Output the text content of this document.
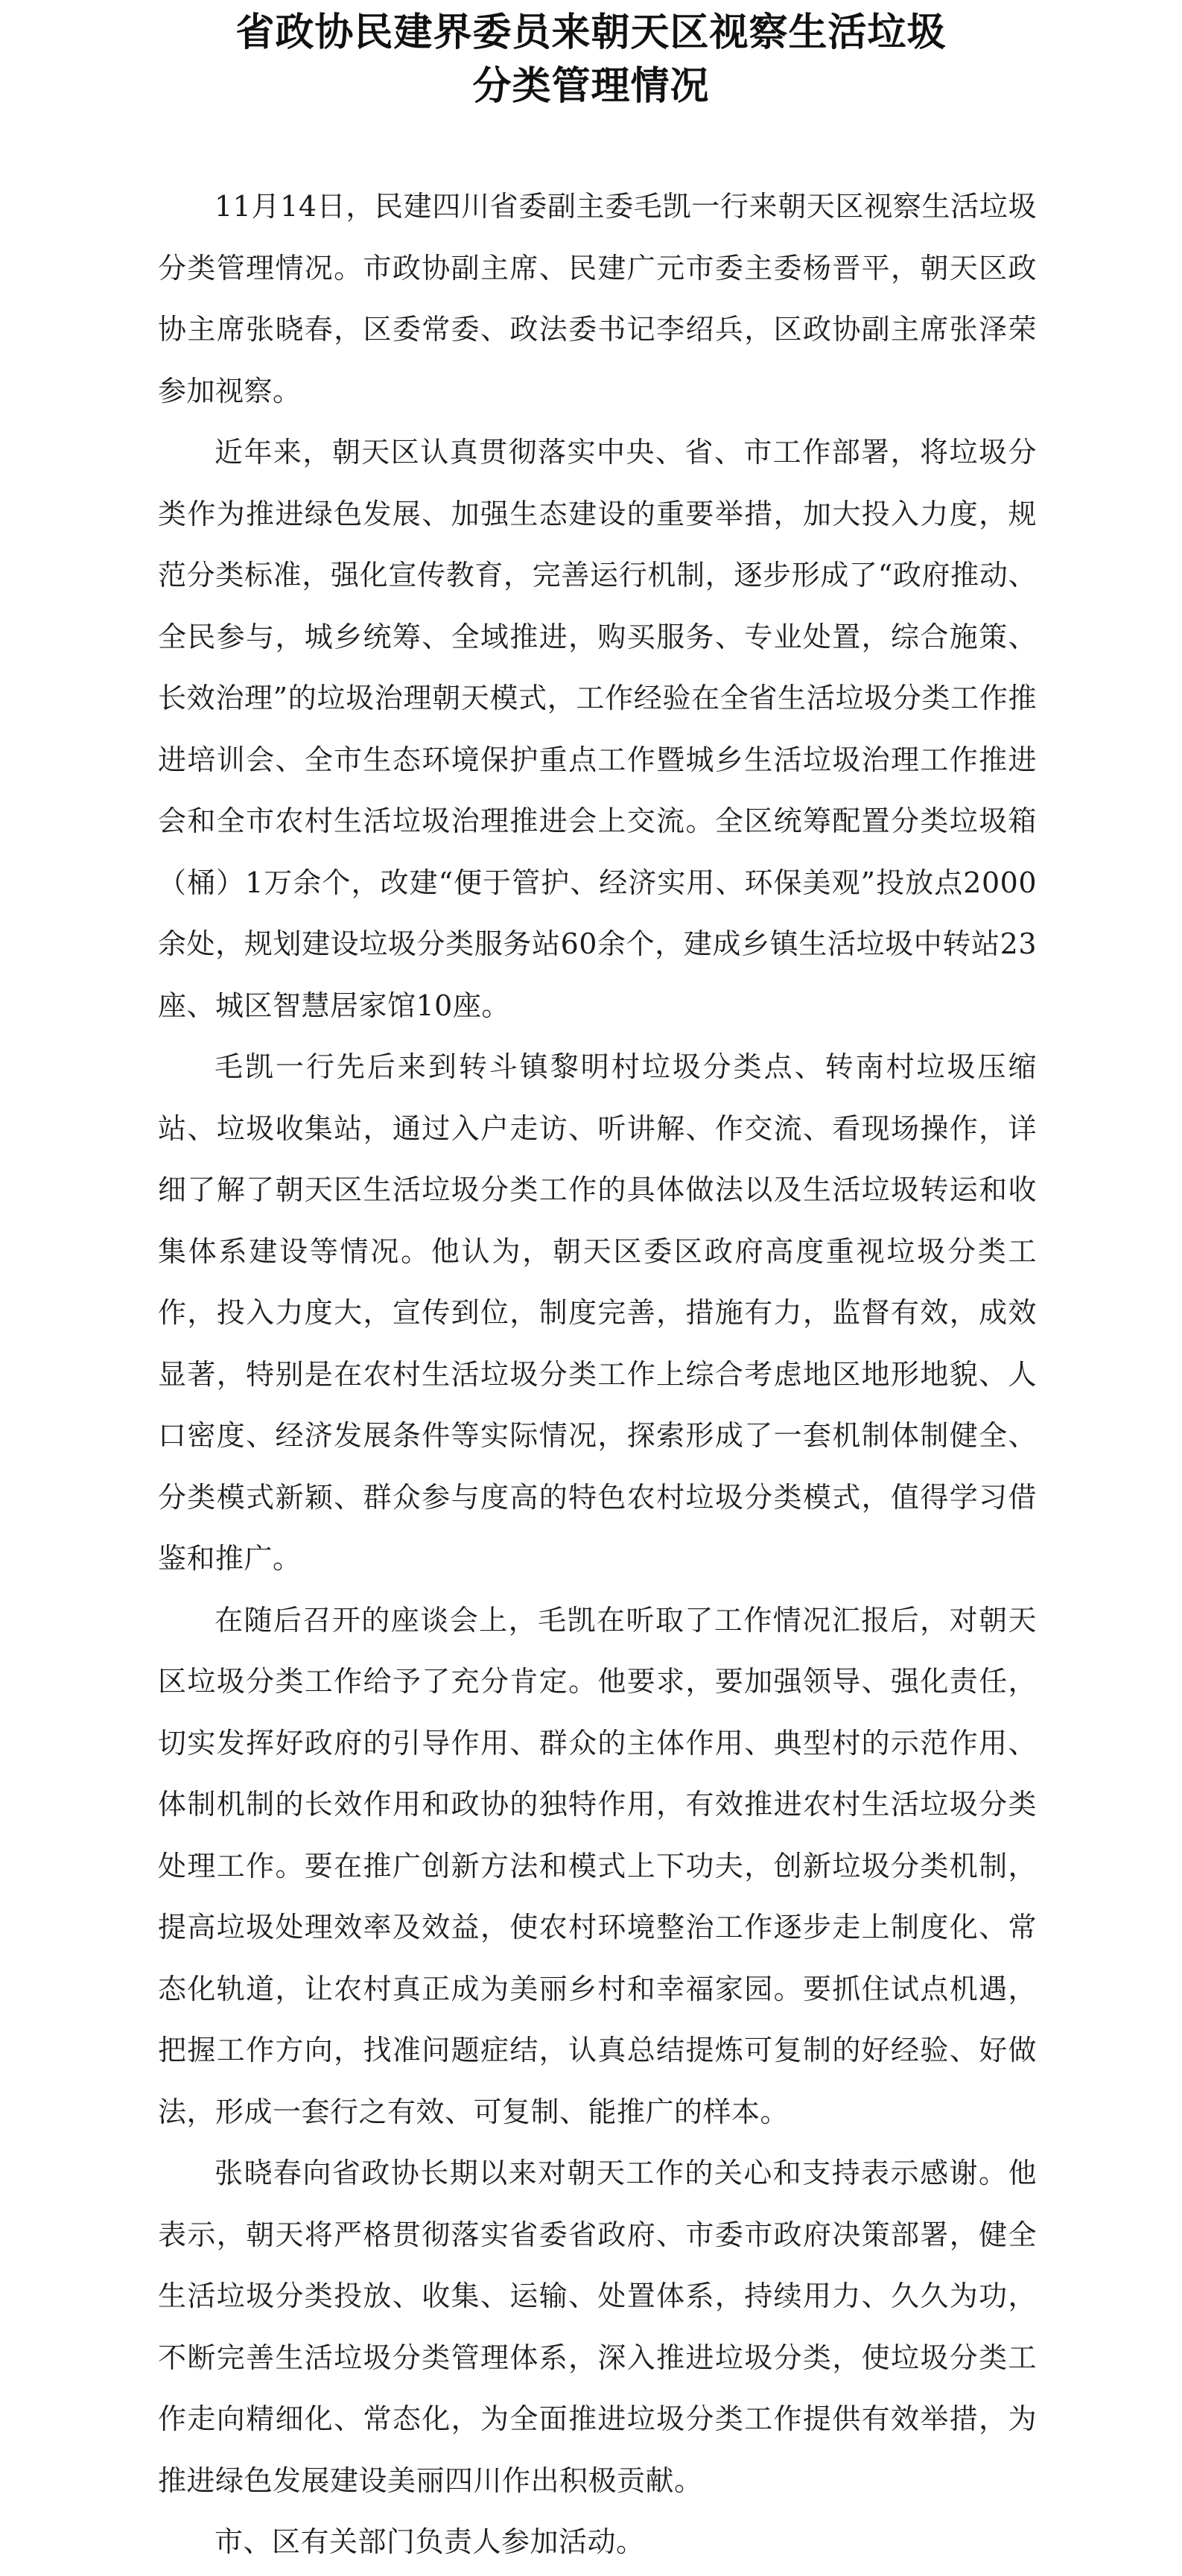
省政协民建界委员来朝天区视察生活垃圾
分类管理情况

11月14日，民建四川省委副主委毛凯一行来朝天区视察生活垃圾分类管理情况。市政协副主席、民建广元市委主委杨晋平，朝天区政协主席张晓春，区委常委、政法委书记李绍兵，区政协副主席张泽荣参加视察。

近年来，朝天区认真贯彻落实中央、省、市工作部署，将垃圾分类作为推进绿色发展、加强生态建设的重要举措，加大投入力度，规范分类标准，强化宣传教育，完善运行机制，逐步形成了“政府推动、全民参与，城乡统筹、全域推进，购买服务、专业处置，综合施策、长效治理”的垃圾治理朝天模式，工作经验在全省生活垃圾分类工作推进培训会、全市生态环境保护重点工作暨城乡生活垃圾治理工作推进会和全市农村生活垃圾治理推进会上交流。全区统筹配置分类垃圾箱（桶）1万余个，改建“便于管护、经济实用、环保美观”投放点2000余处，规划建设垃圾分类服务站60余个，建成乡镇生活垃圾中转站23座、城区智慧居家馆10座。

毛凯一行先后来到转斗镇黎明村垃圾分类点、转南村垃圾压缩站、垃圾收集站，通过入户走访、听讲解、作交流、看现场操作，详细了解了朝天区生活垃圾分类工作的具体做法以及生活垃圾转运和收集体系建设等情况。他认为，朝天区委区政府高度重视垃圾分类工作，投入力度大，宣传到位，制度完善，措施有力，监督有效，成效显著，特别是在农村生活垃圾分类工作上综合考虑地区地形地貌、人口密度、经济发展条件等实际情况，探索形成了一套机制体制健全、分类模式新颖、群众参与度高的特色农村垃圾分类模式，值得学习借鉴和推广。

在随后召开的座谈会上，毛凯在听取了工作情况汇报后，对朝天区垃圾分类工作给予了充分肯定。他要求，要加强领导、强化责任，切实发挥好政府的引导作用、群众的主体作用、典型村的示范作用、体制机制的长效作用和政协的独特作用，有效推进农村生活垃圾分类处理工作。要在推广创新方法和模式上下功夫，创新垃圾分类机制，提高垃圾处理效率及效益，使农村环境整治工作逐步走上制度化、常态化轨道，让农村真正成为美丽乡村和幸福家园。要抓住试点机遇，把握工作方向，找准问题症结，认真总结提炼可复制的好经验、好做法，形成一套行之有效、可复制、能推广的样本。

张晓春向省政协长期以来对朝天工作的关心和支持表示感谢。他表示，朝天将严格贯彻落实省委省政府、市委市政府决策部署，健全生活垃圾分类投放、收集、运输、处置体系，持续用力、久久为功，不断完善生活垃圾分类管理体系，深入推进垃圾分类，使垃圾分类工作走向精细化、常态化，为全面推进垃圾分类工作提供有效举措，为推进绿色发展建设美丽四川作出积极贡献。

市、区有关部门负责人参加活动。
